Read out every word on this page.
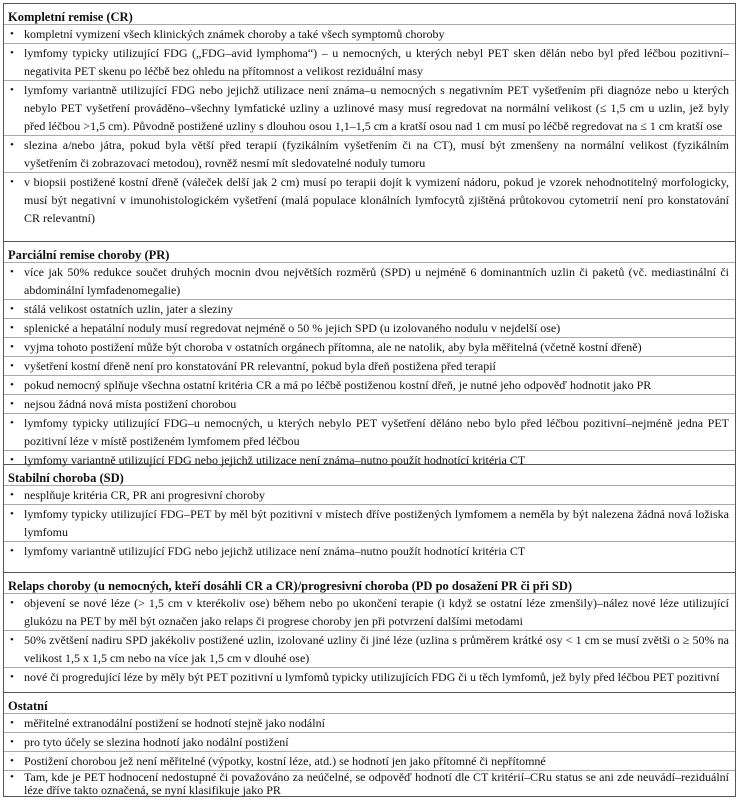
Kompletní remise (CR)
• kompletní vymizení všech klinických známek choroby a také všech symptomů choroby
• lymfomy typicky utilizující FDG („FDG–avid lymphoma“) – u nemocných, u kterých nebyl PET sken dělán nebo byl před léčbou pozitivní–negativita PET skenu po léčbě bez ohledu na přítomnost a velikost reziduální masy
• lymfomy variantně utilizující FDG nebo jejichž utilizace není známa–u nemocných s negativním PET vyšetřením při diagnóze nebo u kterých nebylo PET vyšetření prováděno–všechny lymfatické uzliny a uzlinové masy musí regredovat na normální velikost (≤ 1,5 cm u uzlin, jež byly před léčbou >1,5 cm). Původně postižené uzliny s dlouhou osou 1,1–1,5 cm a kratší osou nad 1 cm musí po léčbě regredovat na ≤ 1 cm kratší ose
• slezina a/nebo játra, pokud byla větší před terapií (fyzikálním vyšetřením či na CT), musí být zmenšeny na normální velikost (fyzikálním vyšetřením či zobrazovací metodou), rovněž nesmí mít sledovatelné noduly tumoru
• v biopsii postižené kostní dřeně (váleček delší jak 2 cm) musí po terapii dojít k vymizení nádoru, pokud je vzorek nehodnotitelný morfologicky, musí být negativní v imunohistologickém vyšetření (malá populace klonálních lymfocytů zjištěná průtokovou cytometrií není pro konstatování CR relevantní)
Parciální remise choroby (PR)
• více jak 50% redukce součet druhých mocnin dvou největších rozměrů (SPD) u nejméně 6 dominantních uzlin či paketů (vč. mediastinální či abdominální lymfadenomegalie)
• stálá velikost ostatních uzlin, jater a sleziny
• splenické a hepatální noduly musí regredovat nejméně o 50 % jejich SPD (u izolovaného nodulu v nejdelší ose)
• vyjma tohoto postižení může být choroba v ostatních orgánech přítomna, ale ne natolik, aby byla měřitelná (včetně kostní dřeně)
• vyšetření kostní dřeně není pro konstatování PR relevantní, pokud byla dřeň postižena před terapií
• pokud nemocný splňuje všechna ostatní kritéria CR a má po léčbě postiženou kostní dřeň, je nutné jeho odpověď hodnotit jako PR
• nejsou žádná nová místa postižení chorobou
• lymfomy typicky utilizující FDG–u nemocných, u kterých nebylo PET vyšetření děláno nebo bylo před léčbou pozitivní–nejméně jedna PET pozitivní léze v místě postiženém lymfomem před léčbou
• lymfomy variantně utilizující FDG nebo jejichž utilizace není známa–nutno použít hodnotící kritéria CT
Stabilní choroba (SD)
• nesplňuje kritéria CR, PR ani progresivní choroby
• lymfomy typicky utilizující FDG–PET by měl být pozitivní v místech dříve postižených lymfomem a neměla by být nalezena žádná nová ložiska lymfomu
• lymfomy variantně utilizující FDG nebo jejichž utilizace není známa–nutno použít hodnotící kritéria CT
Relaps choroby (u nemocných, kteří dosáhli CR a CR)/progresivní choroba (PD po dosažení PR či při SD)
• objevení se nové léze (> 1,5 cm v kterékoliv ose) během nebo po ukončení terapie (i když se ostatní léze zmenšily)–nález nové léze utilizující glukózu na PET by měl být označen jako relaps či progrese choroby jen při potvrzení dalšími metodami
• 50% zvětšení nadiru SPD jakékoliv postižené uzlin, izolované uzliny či jiné léze (uzlina s průměrem krátké osy < 1 cm se musí zvětši o ≥ 50% na velikost 1,5 x 1,5 cm nebo na více jak 1,5 cm v dlouhé ose)
• nové či progredující léze by měly být PET pozitivní u lymfomů typicky utilizujících FDG či u těch lymfomů, jež byly před léčbou PET pozitivní
Ostatní
• měřitelné extranodální postižení se hodnotí stejně jako nodální
• pro tyto účely se slezina hodnotí jako nodální postižení
• Postižení chorobou jež není měřitelné (výpotky, kostní léze, atd.) se hodnotí jen jako přítomné či nepřítomné
• Tam, kde je PET hodnocení nedostupné či považováno za neúčelné, se odpověď hodnotí dle CT kritérií–CRu status se ani zde neuvádí–reziduální léze dříve takto označená, se nyní klasifikuje jako PR
